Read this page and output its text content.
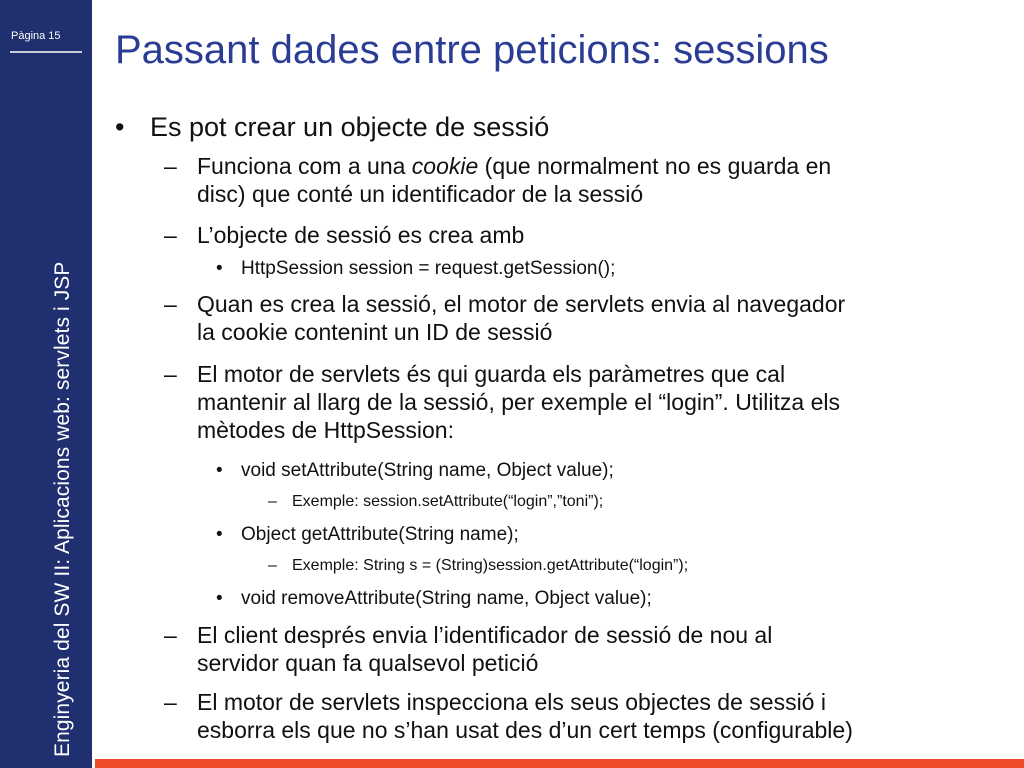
Pàgina 15
Enginyeria del SW II: Aplicacions web: servlets i JSP
Passant dades entre peticions: sessions
• Es pot crear un objecte de sessió
– Funciona com a una cookie (que normalment no es guarda en
disc) que conté un identificador de la sessió
– L’objecte de sessió es crea amb
• HttpSession session = request.getSession();
– Quan es crea la sessió, el motor de servlets envia al navegador
la cookie contenint un ID de sessió
– El motor de servlets és qui guarda els paràmetres que cal
mantenir al llarg de la sessió, per exemple el “login”. Utilitza els
mètodes de HttpSession:
• void setAttribute(String name, Object value);
– Exemple: session.setAttribute(“login”,”toni”);
• Object getAttribute(String name);
– Exemple: String s = (String)session.getAttribute(“login”);
• void removeAttribute(String name, Object value);
– El client després envia l’identificador de sessió de nou al
servidor quan fa qualsevol petició
– El motor de servlets inspecciona els seus objectes de sessió i
esborra els que no s’han usat des d’un cert temps (configurable)
